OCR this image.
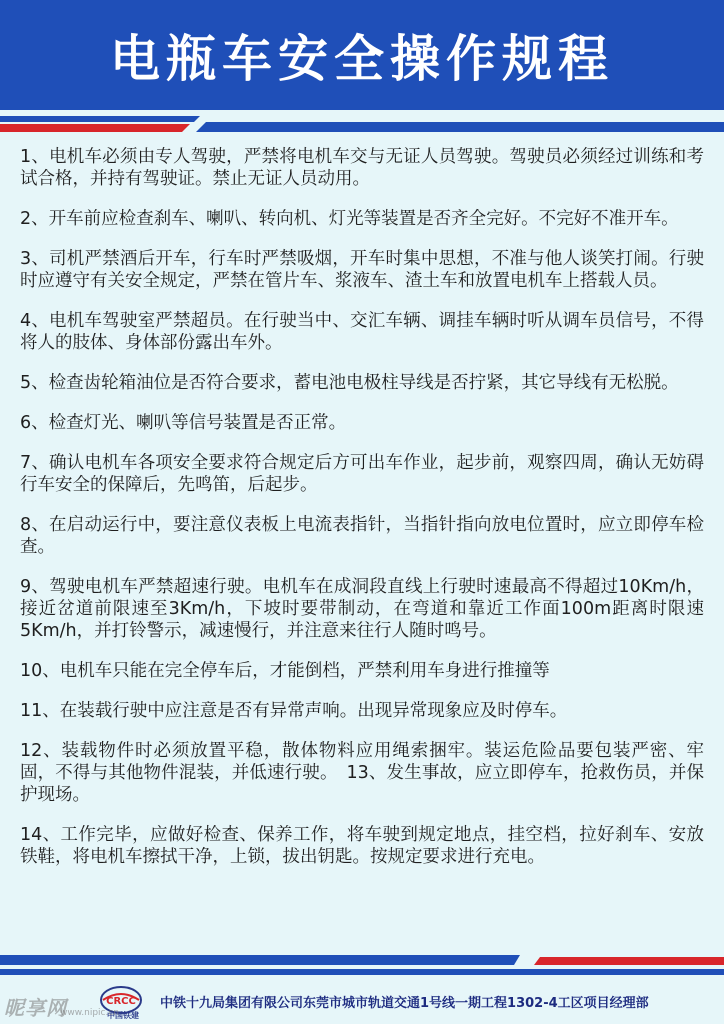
电瓶车安全操作规程

1、电机车必须由专人驾驶，严禁将电机车交与无证人员驾驶。驾驶员必须经过训练和考试合格，并持有驾驶证。禁止无证人员动用。

2、开车前应检查刹车、喇叭、转向机、灯光等装置是否齐全完好。不完好不准开车。

3、司机严禁酒后开车，行车时严禁吸烟，开车时集中思想，不准与他人谈笑打闹。行驶时应遵守有关安全规定，严禁在管片车、浆液车、渣土车和放置电机车上搭载人员。

4、电机车驾驶室严禁超员。在行驶当中、交汇车辆、调挂车辆时听从调车员信号，不得将人的肢体、身体部份露出车外。

5、检查齿轮箱油位是否符合要求，蓄电池电极柱导线是否拧紧，其它导线有无松脱。

6、检查灯光、喇叭等信号装置是否正常。

7、确认电机车各项安全要求符合规定后方可出车作业，起步前，观察四周，确认无妨碍行车安全的保障后，先鸣笛，后起步。

8、在启动运行中，要注意仪表板上电流表指针，当指针指向放电位置时，应立即停车检查。

9、驾驶电机车严禁超速行驶。电机车在成洞段直线上行驶时速最高不得超过10Km/h，接近岔道前限速至3Km/h，下坡时要带制动，在弯道和靠近工作面100m距离时限速5Km/h，并打铃警示，减速慢行，并注意来往行人随时鸣号。

10、电机车只能在完全停车后，才能倒档，严禁利用车身进行推撞等

11、在装载行驶中应注意是否有异常声响。出现异常现象应及时停车。

12、装载物件时必须放置平稳，散体物料应用绳索捆牢。装运危险品要包装严密、牢固，不得与其他物件混装，并低速行驶。　13、发生事故，应立即停车，抢救伤员，并保护现场。

14、工作完毕，应做好检查、保养工作，将车驶到规定地点，挂空档，拉好刹车、安放铁鞋，将电机车擦拭干净，上锁，拔出钥匙。按规定要求进行充电。

CRCC
中国铁建
中铁十九局集团有限公司东莞市城市轨道交通1号线一期工程1302-4工区项目经理部
昵享网
www.nipic.cn
